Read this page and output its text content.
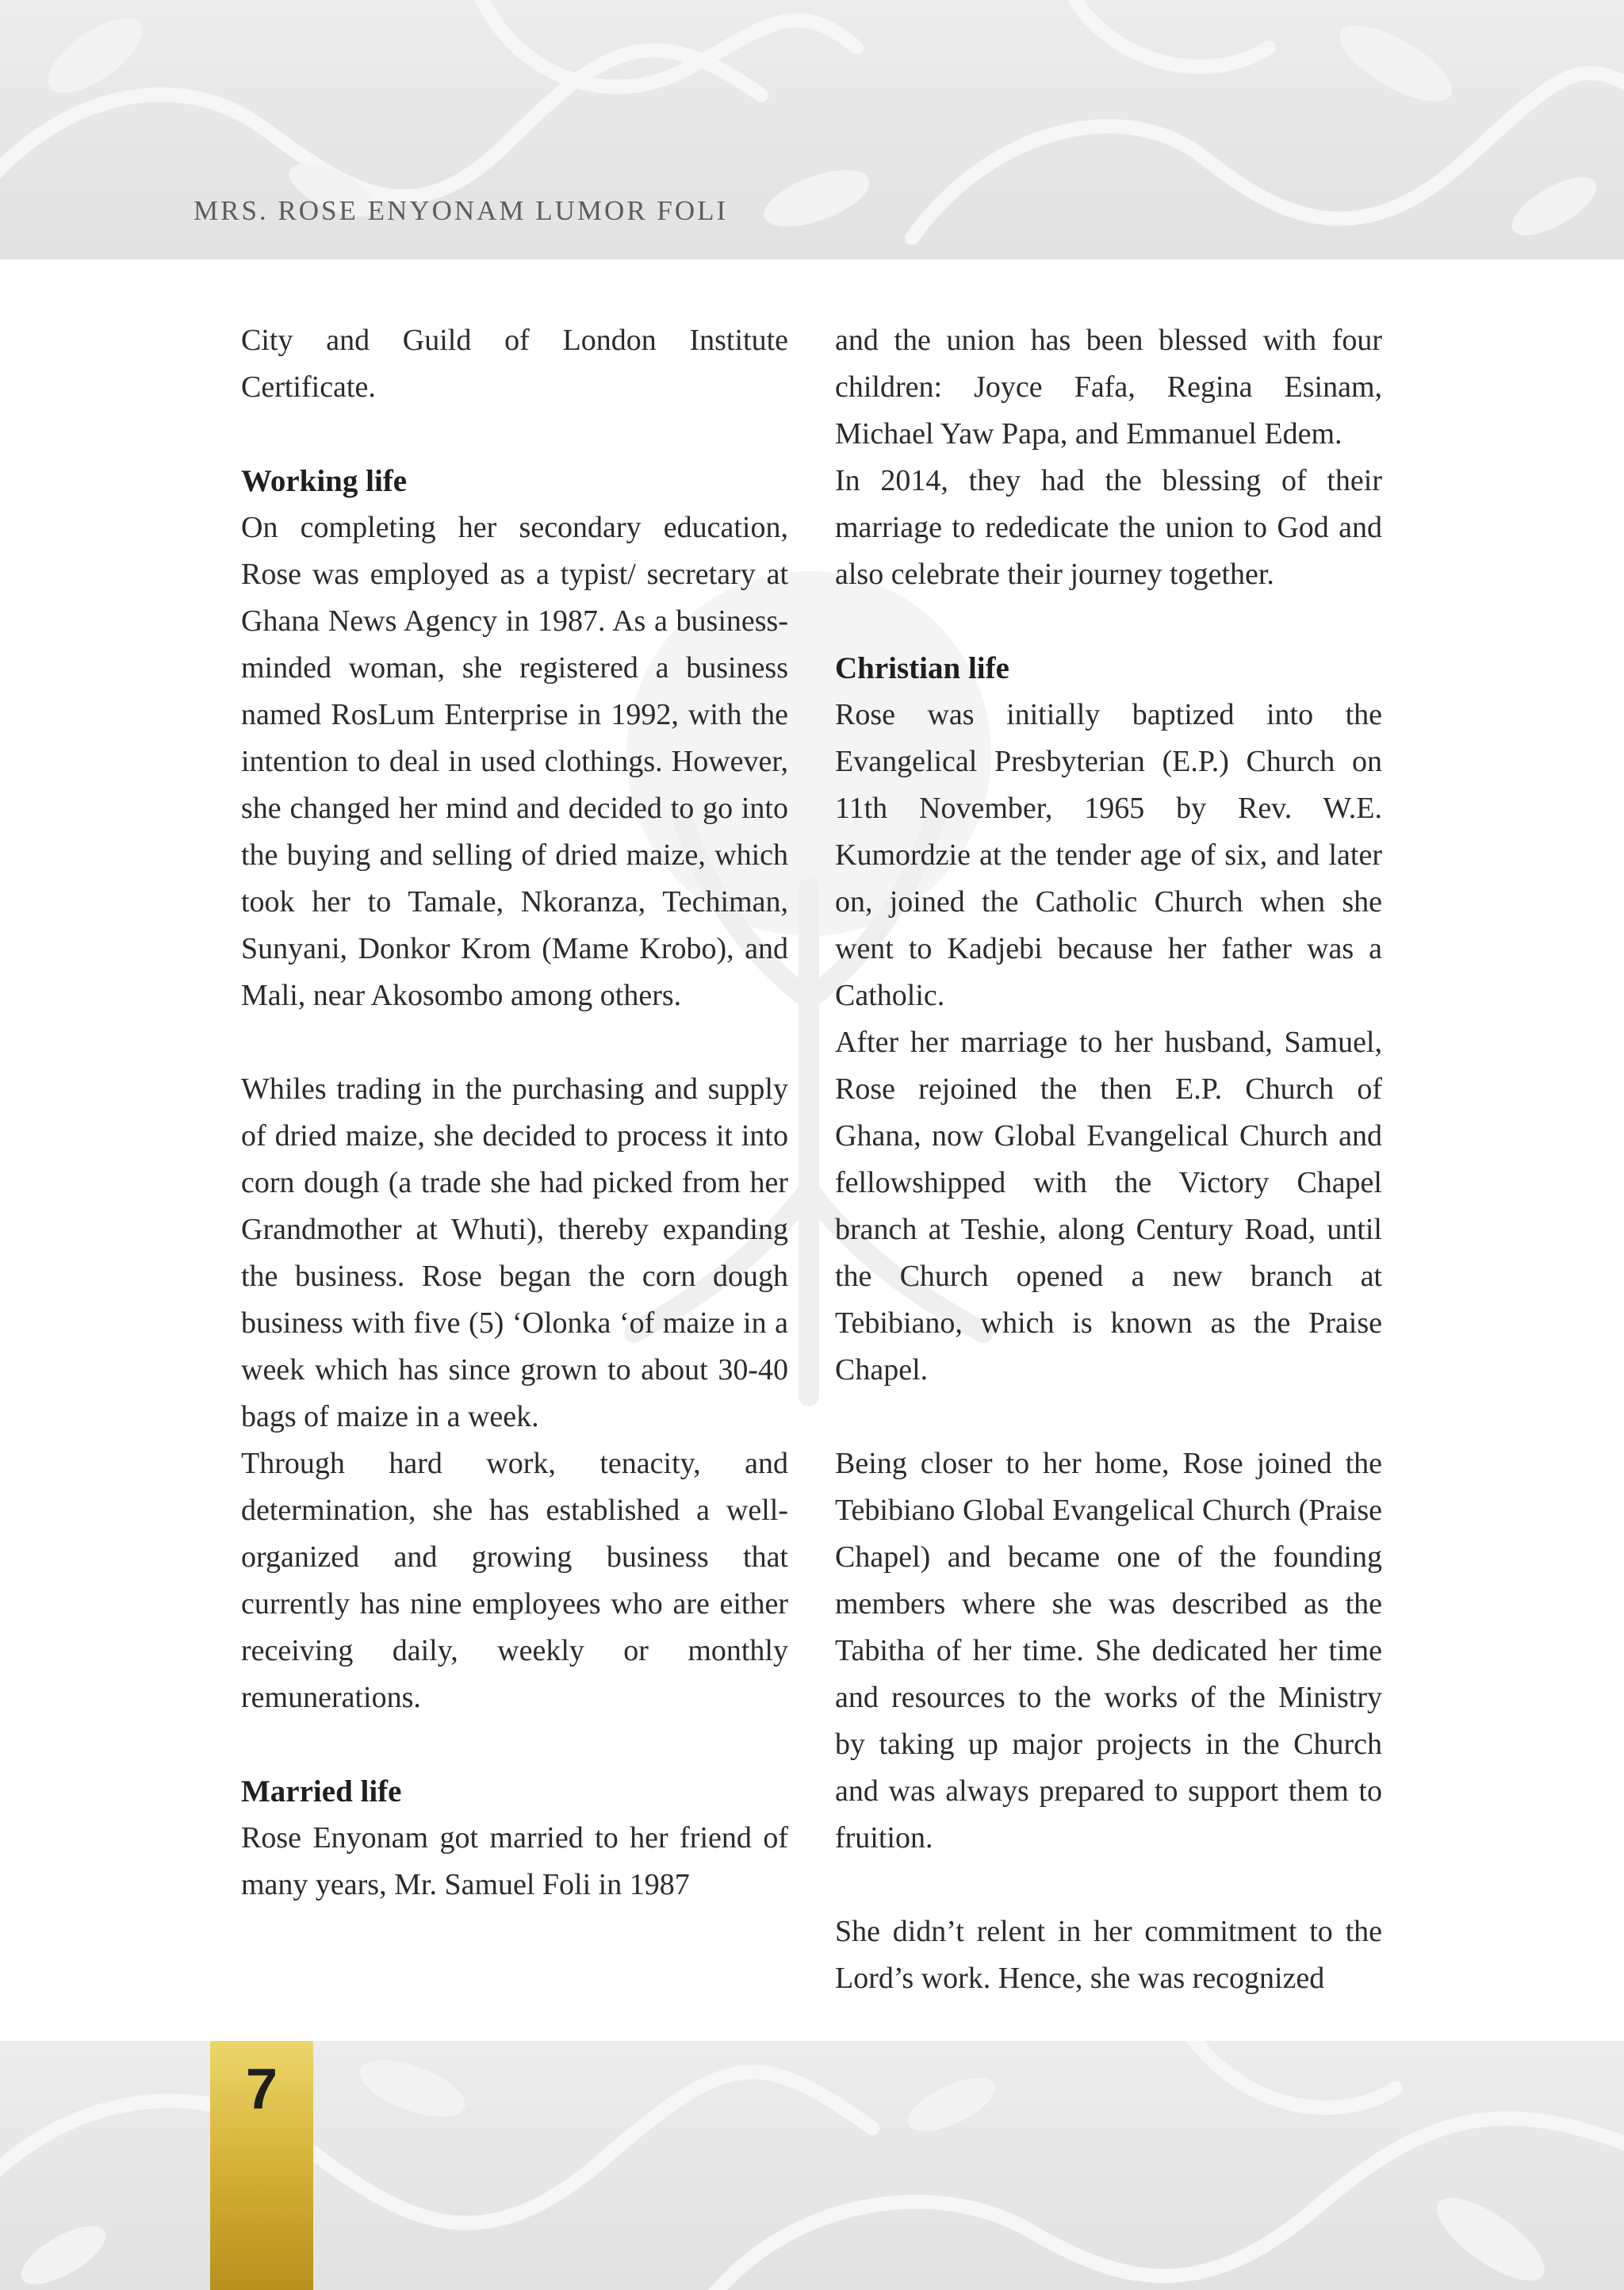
MRS. ROSE ENYONAM LUMOR FOLI

City and Guild of London Institute Certificate.

Working life

On completing her secondary education, Rose was employed as a typist/ secretary at Ghana News Agency in 1987. As a business-minded woman, she registered a business named RosLum Enterprise in 1992, with the intention to deal in used clothings. However, she changed her mind and decided to go into the buying and selling of dried maize, which took her to Tamale, Nkoranza, Techiman, Sunyani, Donkor Krom (Mame Krobo), and Mali, near Akosombo among others.

Whiles trading in the purchasing and supply of dried maize, she decided to process it into corn dough (a trade she had picked from her Grandmother at Whuti), thereby expanding the business. Rose began the corn dough business with five (5) ‘Olonka ‘of maize in a week which has since grown to about 30-40 bags of maize in a week.

Through hard work, tenacity, and determination, she has established a well-organized and growing business that currently has nine employees who are either receiving daily, weekly or monthly remunerations.

Married life

Rose Enyonam got married to her friend of many years, Mr. Samuel Foli in 1987

and the union has been blessed with four children: Joyce Fafa, Regina Esinam, Michael Yaw Papa, and Emmanuel Edem.

In 2014, they had the blessing of their marriage to rededicate the union to God and also celebrate their journey together.

Christian life

Rose was initially baptized into the Evangelical Presbyterian (E.P.) Church on 11th November, 1965 by Rev. W.E. Kumordzie at the tender age of six, and later on, joined the Catholic Church when she went to Kadjebi because her father was a Catholic.

After her marriage to her husband, Samuel, Rose rejoined the then E.P. Church of Ghana, now Global Evangelical Church and fellowshipped with the Victory Chapel branch at Teshie, along Century Road, until the Church opened a new branch at Tebibiano, which is known as the Praise Chapel.

Being closer to her home, Rose joined the Tebibiano Global Evangelical Church (Praise Chapel) and became one of the founding members where she was described as the Tabitha of her time. She dedicated her time and resources to the works of the Ministry by taking up major projects in the Church and was always prepared to support them to fruition.

She didn’t relent in her commitment to the Lord’s work. Hence, she was recognized

7
